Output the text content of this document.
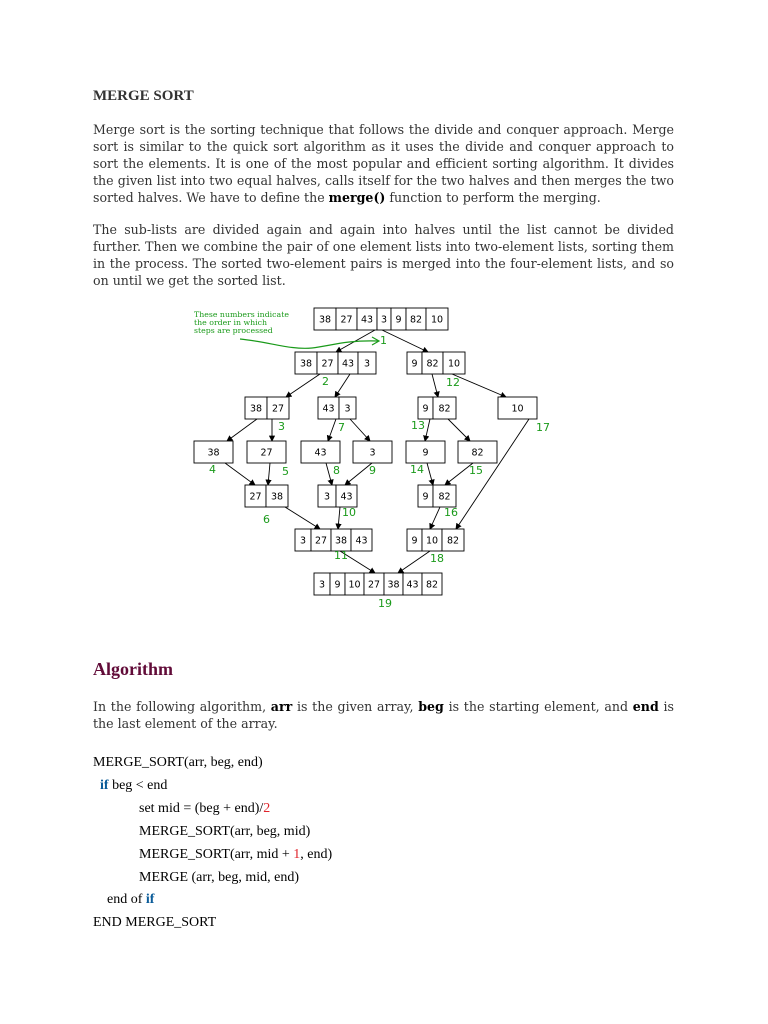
MERGE SORT

Merge sort is the sorting technique that follows the divide and conquer approach. Merge sort is similar to the quick sort algorithm as it uses the divide and conquer approach to sort the elements. It is one of the most popular and efficient sorting algorithm. It divides the given list into two equal halves, calls itself for the two halves and then merges the two sorted halves. We have to define the merge() function to perform the merging.

The sub-lists are divided again and again into halves until the list cannot be divided further. Then we combine the pair of one element lists into two-element lists, sorting them in the process. The sorted two-element pairs is merged into the four-element lists, and so on until we get the sorted list.

38 27 43 3 9 82 10
38 27 43 3	9 82 10
38 27	43 3	9 82	10
38	27	43	3	9	82
27 38	3 43	9 82
3 27 38 43	9 10 82
3 9 10 27 38 43 82
1
2
3
4	5
6
7
8	9
10
11
12
13
14	15
16
17
18
19
These numbers indicate
the order in which
steps are processed
Algorithm

In the following algorithm, arr is the given array, beg is the starting element, and end is the last element of the array.

MERGE_SORT(arr, beg, end)
if beg < end
set mid = (beg + end)/2
MERGE_SORT(arr, beg, mid)
MERGE_SORT(arr, mid + 1, end)
MERGE (arr, beg, mid, end)
end of if
END MERGE_SORT
